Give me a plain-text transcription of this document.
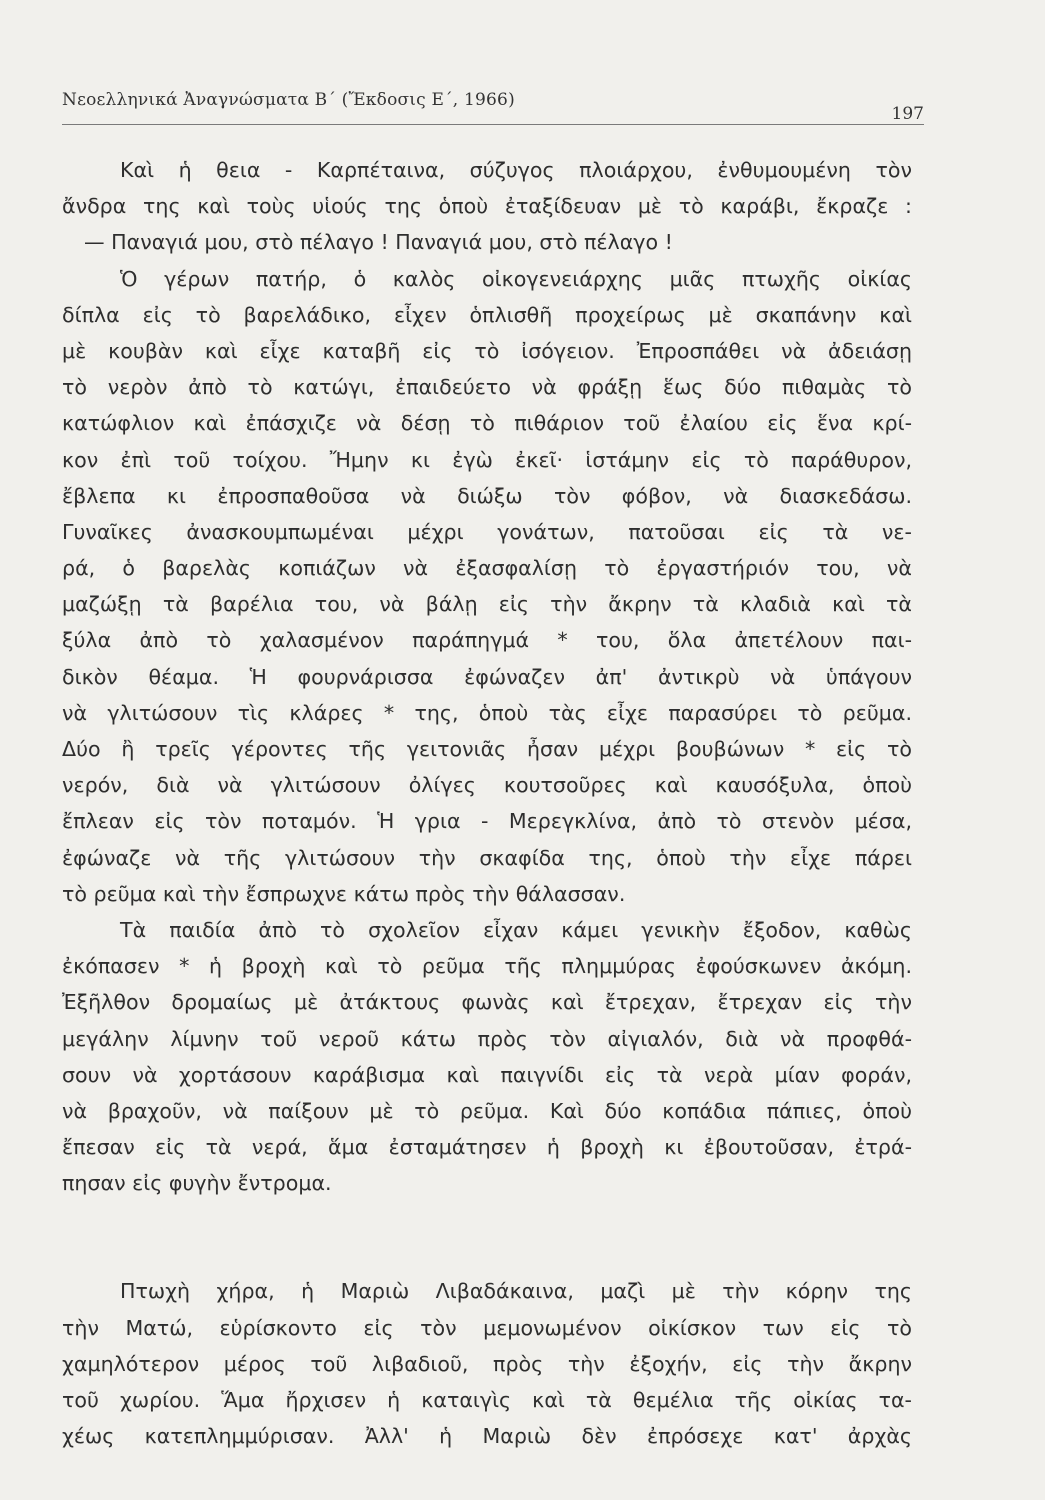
Νεοελληνικά Ἀναγνώσματα Β΄ (Ἔκδοσις Ε΄, 1966)
197
Καὶ ἡ θεια - Καρπέταινα, σύζυγος πλοιάρχου, ἐνθυμουμένη τὸν
ἄνδρα της καὶ τοὺς υἱούς της ὁποὺ ἐταξίδευαν μὲ τὸ καράβι, ἔκραζε :
— Παναγιά μου, στὸ πέλαγο ! Παναγιά μου, στὸ πέλαγο !
Ὁ γέρων πατήρ, ὁ καλὸς οἰκογενειάρχης μιᾶς πτωχῆς οἰκίας
δίπλα εἰς τὸ βαρελάδικο, εἶχεν ὁπλισθῆ προχείρως μὲ σκαπάνην καὶ
μὲ κουβὰν καὶ εἶχε καταβῆ εἰς τὸ ἰσόγειον. Ἐπροσπάθει νὰ ἀδειάσῃ
τὸ νερὸν ἀπὸ τὸ κατώγι, ἐπαιδεύετο νὰ φράξῃ ἕως δύο πιθαμὰς τὸ
κατώφλιον καὶ ἐπάσχιζε νὰ δέσῃ τὸ πιθάριον τοῦ ἐλαίου εἰς ἕνα κρί-
κον ἐπὶ τοῦ τοίχου. Ἤμην κι ἐγὼ ἐκεῖ· ἱστάμην εἰς τὸ παράθυρον,
ἔβλεπα κι ἐπροσπαθοῦσα νὰ διώξω τὸν φόβον, νὰ διασκεδάσω.
Γυναῖκες ἀνασκουμπωμέναι μέχρι γονάτων, πατοῦσαι εἰς τὰ νε-
ρά, ὁ βαρελὰς κοπιάζων νὰ ἐξασφαλίσῃ τὸ ἐργαστήριόν του, νὰ
μαζώξῃ τὰ βαρέλια του, νὰ βάλῃ εἰς τὴν ἄκρην τὰ κλαδιὰ καὶ τὰ
ξύλα ἀπὸ τὸ χαλασμένον παράπηγμά * του, ὅλα ἀπετέλουν παι-
δικὸν θέαμα. Ἡ φουρνάρισσα ἐφώναζεν ἀπ' ἀντικρὺ νὰ ὑπάγουν
νὰ γλιτώσουν τὶς κλάρες * της, ὁποὺ τὰς εἶχε παρασύρει τὸ ρεῦμα.
Δύο ἢ τρεῖς γέροντες τῆς γειτονιᾶς ἦσαν μέχρι βουβώνων * εἰς τὸ
νερόν, διὰ νὰ γλιτώσουν ὀλίγες κουτσοῦρες καὶ καυσόξυλα, ὁποὺ
ἔπλεαν εἰς τὸν ποταμόν. Ἡ γρια - Μερεγκλίνα, ἀπὸ τὸ στενὸν μέσα,
ἐφώναζε νὰ τῆς γλιτώσουν τὴν σκαφίδα της, ὁποὺ τὴν εἶχε πάρει
τὸ ρεῦμα καὶ τὴν ἔσπρωχνε κάτω πρὸς τὴν θάλασσαν.
Τὰ παιδία ἀπὸ τὸ σχολεῖον εἶχαν κάμει γενικὴν ἔξοδον, καθὼς
ἐκόπασεν * ἡ βροχὴ καὶ τὸ ρεῦμα τῆς πλημμύρας ἐφούσκωνεν ἀκόμη.
Ἐξῆλθον δρομαίως μὲ ἀτάκτους φωνὰς καὶ ἔτρεχαν, ἔτρεχαν εἰς τὴν
μεγάλην λίμνην τοῦ νεροῦ κάτω πρὸς τὸν αἰγιαλόν, διὰ νὰ προφθά-
σουν νὰ χορτάσουν καράβισμα καὶ παιγνίδι εἰς τὰ νερὰ μίαν φοράν,
νὰ βραχοῦν, νὰ παίξουν μὲ τὸ ρεῦμα. Καὶ δύο κοπάδια πάπιες, ὁποὺ
ἔπεσαν εἰς τὰ νερά, ἅμα ἐσταμάτησεν ἡ βροχὴ κι ἐβουτοῦσαν, ἐτρά-
πησαν εἰς φυγὴν ἔντρομα.
Πτωχὴ χήρα, ἡ Μαριὼ Λιβαδάκαινα, μαζὶ μὲ τὴν κόρην της
τὴν Ματώ, εὑρίσκοντο εἰς τὸν μεμονωμένον οἰκίσκον των εἰς τὸ
χαμηλότερον μέρος τοῦ λιβαδιοῦ, πρὸς τὴν ἐξοχήν, εἰς τὴν ἄκρην
τοῦ χωρίου. Ἅμα ἤρχισεν ἡ καταιγὶς καὶ τὰ θεμέλια τῆς οἰκίας τα-
χέως κατεπλημμύρισαν. Ἀλλ' ἡ Μαριὼ δὲν ἐπρόσεχε κατ' ἀρχὰς
